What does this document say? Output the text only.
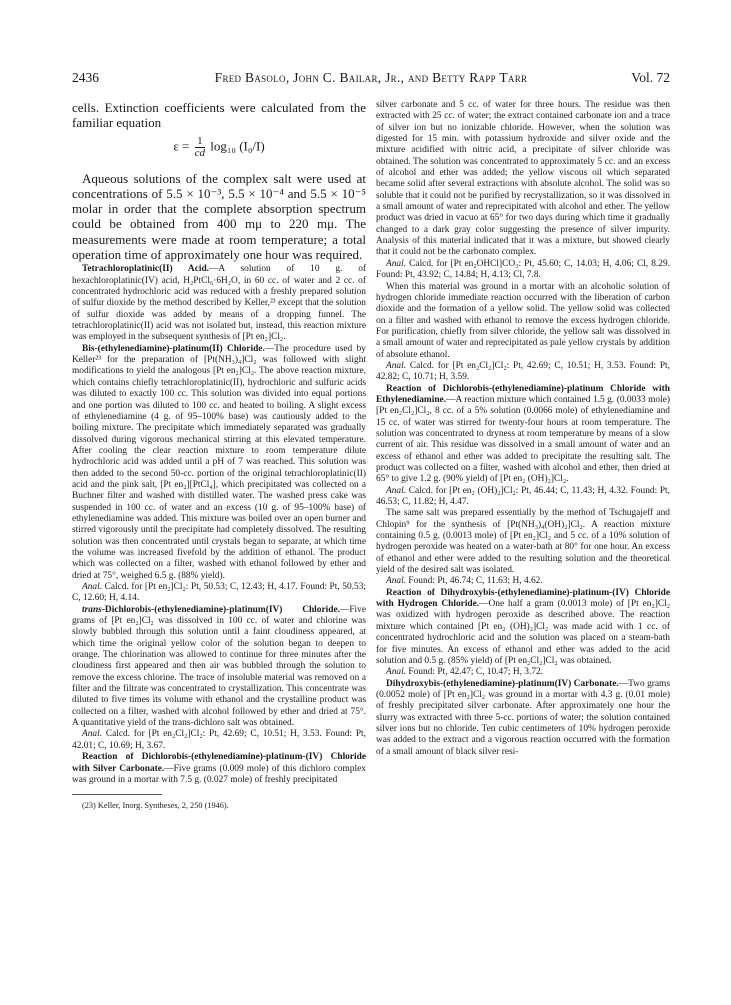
2436	Fred Basolo, John C. Bailar, Jr., and Betty Rapp Tarr	Vol. 72

cells. Extinction coefficients were calculated from the familiar equation

$\varepsilon = \frac{1}{cd} \log_{10}$ (I₀/I)

Aqueous solutions of the complex salt were used at concentrations of 5.5 × 10⁻³, 5.5 × 10⁻⁴ and 5.5 × 10⁻⁵ molar in order that the complete absorption spectrum could be obtained from 400 mμ to 220 mμ. The measurements were made at room temperature; a total operation time of approximately one hour was required.

Tetrachloroplatinic(II) Acid.—A solution of 10 g. of hexachloroplatinic(IV) acid, H₂PtCl₆·6H₂O, in 60 cc. of water and 2 cc. of concentrated hydrochloric acid was reduced with a freshly prepared solution of sulfur dioxide by the method described by Keller,²³ except that the solution of sulfur dioxide was added by means of a dropping funnel. The tetrachloroplatinic(II) acid was not isolated but, instead, this reaction mixture was employed in the subsequent synthesis of [Pt en₂]Cl₂.

Bis-(ethylenediamine)-platinum(II) Chloride.—The procedure used by Keller²³ for the preparation of [Pt(NH₃)₄]Cl₂ was followed with slight modifications to yield the analogous [Pt en₂]Cl₂. The above reaction mixture, which contains chiefly tetrachloroplatinic(II), hydrochloric and sulfuric acids was diluted to exactly 100 cc. This solution was divided into equal portions and one portion was diluted to 100 cc. and heated to boiling. A slight excess of ethylenediamine (4 g. of 95–100% base) was cautiously added to the boiling mixture. The precipitate which immediately separated was gradually dissolved during vigorous mechanical stirring at this elevated temperature. After cooling the clear reaction mixture to room temperature dilute hydrochloric acid was added until a pH of 7 was reached. This solution was then added to the second 50-cc. portion of the original tetrachloroplatinic(II) acid and the pink salt, [Pt en₂][PtCl₄], which precipitated was collected on a Buchner filter and washed with distilled water. The washed press cake was suspended in 100 cc. of water and an excess (10 g. of 95–100% base) of ethylenediamine was added. This mixture was boiled over an open burner and stirred vigorously until the precipitate had completely dissolved. The resulting solution was then concentrated until crystals began to separate, at which time the volume was increased fivefold by the addition of ethanol. The product which was collected on a filter, washed with ethanol followed by ether and dried at 75°, weighed 6.5 g. (88% yield).

Anal. Calcd. for [Pt en₂]Cl₂: Pt, 50.53; C, 12.43; H, 4.17. Found: Pt, 50.53; C, 12.60; H, 4.14.

trans-Dichlorobis-(ethylenediamine)-platinum(IV) Chloride.—Five grams of [Pt en₂]Cl₂ was dissolved in 100 cc. of water and chlorine was slowly bubbled through this solution until a faint cloudiness appeared, at which time the original yellow color of the solution began to deepen to orange. The chlorination was allowed to continue for three minutes after the cloudiness first appeared and then air was bubbled through the solution to remove the excess chlorine. The trace of insoluble material was removed on a filter and the filtrate was concentrated to crystallization. This concentrate was diluted to five times its volume with ethanol and the crystalline product was collected on a filter, washed with alcohol followed by ether and dried at 75°. A quantitative yield of the trans-dichloro salt was obtained.

Anal. Calcd. for [Pt en₂Cl₂]Cl₂: Pt, 42.69; C, 10.51; H, 3.53. Found: Pt, 42.01; C, 10.69; H, 3.67.

Reaction of Dichlorobis-(ethylenediamine)-platinum-(IV) Chloride with Silver Carbonate.—Five grams (0.009 mole) of this dichloro complex was ground in a mortar with 7.5 g. (0.027 mole) of freshly precipitated

(23) Keller, Inorg. Syntheses, 2, 250 (1946).

silver carbonate and 5 cc. of water for three hours. The residue was then extracted with 25 cc. of water; the extract contained carbonate ion and a trace of silver ion but no ionizable chloride. However, when the solution was digested for 15 min. with potassium hydroxide and silver oxide and the mixture acidified with nitric acid, a precipitate of silver chloride was obtained. The solution was concentrated to approximately 5 cc. and an excess of alcohol and ether was added; the yellow viscous oil which separated became solid after several extractions with absolute alcohol. The solid was so soluble that it could not be purified by recrystallization, so it was dissolved in a small amount of water and reprecipitated with alcohol and ether. The yellow product was dried in vacuo at 65° for two days during which time it gradually changed to a dark gray color suggesting the presence of silver impurity. Analysis of this material indicated that it was a mixture, but showed clearly that it could not be the carbonato complex.

Anal. Calcd. for [Pt en₂OHCl]CO₃: Pt, 45.60; C, 14.03; H, 4.06; Cl, 8.29. Found: Pt, 43.92; C, 14.84; H, 4.13; Cl, 7.8.

When this material was ground in a mortar with an alcoholic solution of hydrogen chloride immediate reaction occurred with the liberation of carbon dioxide and the formation of a yellow solid. The yellow solid was collected on a filter and washed with ethanol to remove the excess hydrogen chloride. For purification, chiefly from silver chloride, the yellow salt was dissolved in a small amount of water and reprecipitated as pale yellow crystals by addition of absolute ethanol.

Anal. Calcd. for [Pt en₂Cl₂]Cl₂: Pt, 42.69; C, 10.51; H, 3.53. Found: Pt, 42.82; C, 10.71; H, 3.59.

Reaction of Dichlorobis-(ethylenediamine)-platinum Chloride with Ethylenediamine.—A reaction mixture which contained 1.5 g. (0.0033 mole) [Pt en₂Cl₂]Cl₂, 8 cc. of a 5% solution (0.0066 mole) of ethylenediamine and 15 cc. of water was stirred for twenty-four hours at room temperature. The solution was concentrated to dryness at room temperature by means of a slow current of air. This residue was dissolved in a small amount of water and an excess of ethanol and ether was added to precipitate the resulting salt. The product was collected on a filter, washed with alcohol and ether, then dried at 65° to give 1.2 g. (90% yield) of [Pt en₂ (OH)₂]Cl₂.

Anal. Calcd. for [Pt en₂ (OH)₂]Cl₂: Pt, 46.44; C, 11.43; H, 4.32. Found: Pt, 46.53; C, 11.82; H, 4.47.

The same salt was prepared essentially by the method of Tschugajeff and Chlopin⁹ for the synthesis of [Pt(NH₃)₄(OH)₂]Cl₂. A reaction mixture containing 0.5 g. (0.0013 mole) of [Pt en₂]Cl₂ and 5 cc. of a 10% solution of hydrogen peroxide was heated on a water-bath at 80° for one hour. An excess of ethanol and ether were added to the resulting solution and the theoretical yield of the desired salt was isolated.

Anal. Found: Pt, 46.74; C, 11.63; H, 4.62.

Reaction of Dihydroxybis-(ethylenediamine)-platinum-(IV) Chloride with Hydrogen Chloride.—One half a gram (0.0013 mole) of [Pt en₂]Cl₂ was oxidized with hydrogen peroxide as described above. The reaction mixture which contained [Pt en₂ (OH)₂]Cl₂ was made acid with 1 cc. of concentrated hydrochloric acid and the solution was placed on a steam-bath for five minutes. An excess of ethanol and ether was added to the acid solution and 0.5 g. (85% yield) of [Pt en₂Cl₂]Cl₂ was obtained.

Anal. Found: Pt, 42.47; C, 10.47; H, 3.72.

Dihydroxybis-(ethylenediamine)-platinum(IV) Carbonate.—Two grams (0.0052 mole) of [Pt en₂]Cl₂ was ground in a mortar with 4.3 g. (0.01 mole) of freshly precipitated silver carbonate. After approximately one hour the slurry was extracted with three 5-cc. portions of water; the solution contained silver ions but no chloride. Ten cubic centimeters of 10% hydrogen peroxide was added to the extract and a vigorous reaction occurred with the formation of a small amount of black silver resi-
